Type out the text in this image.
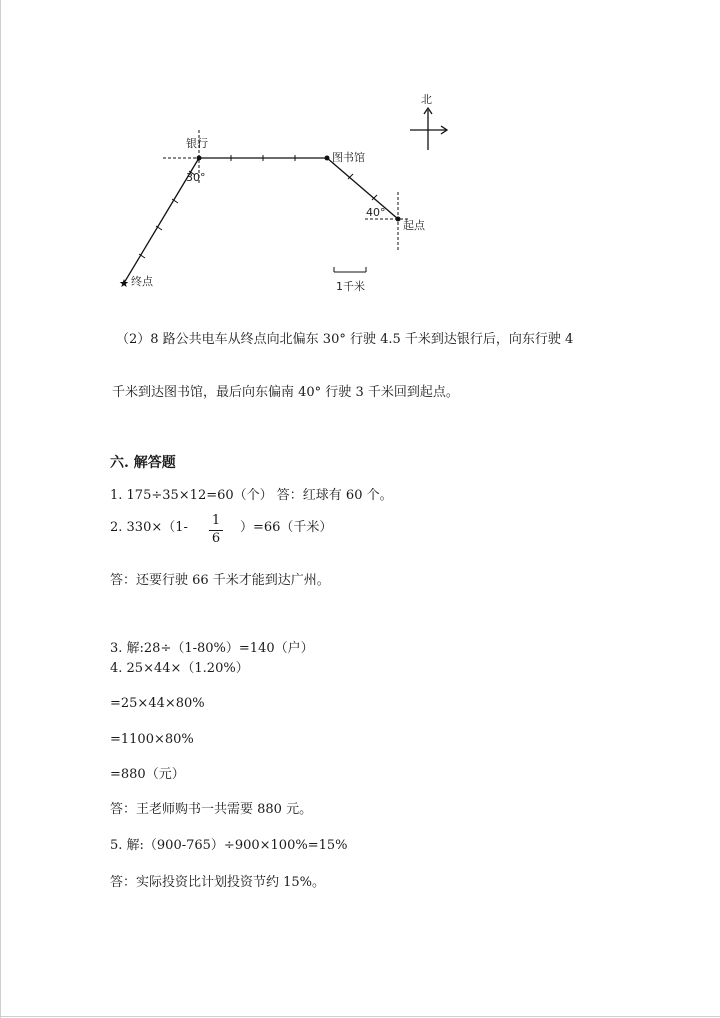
北
银行
图书馆
起点
终点
30°
40°
1千米
（2）8 路公共电车从终点向北偏东 30° 行驶 4.5 千米到达银行后，向东行驶 4
千米到达图书馆，最后向东偏南 40° 行驶 3 千米回到起点。
六. 解答题
1. 175÷35×12=60（个） 答：红球有 60 个。
2. 330×（1- 1
6
）=66（千米）
答：还要行驶 66 千米才能到达广州。
3. 解:28÷（1-80%）=140（户）
4. 25×44×（1.20%）
=25×44×80%
=1100×80%
=880（元）
答：王老师购书一共需要 880 元。
5. 解:（900-765）÷900×100%=15%
答：实际投资比计划投资节约 15%。
